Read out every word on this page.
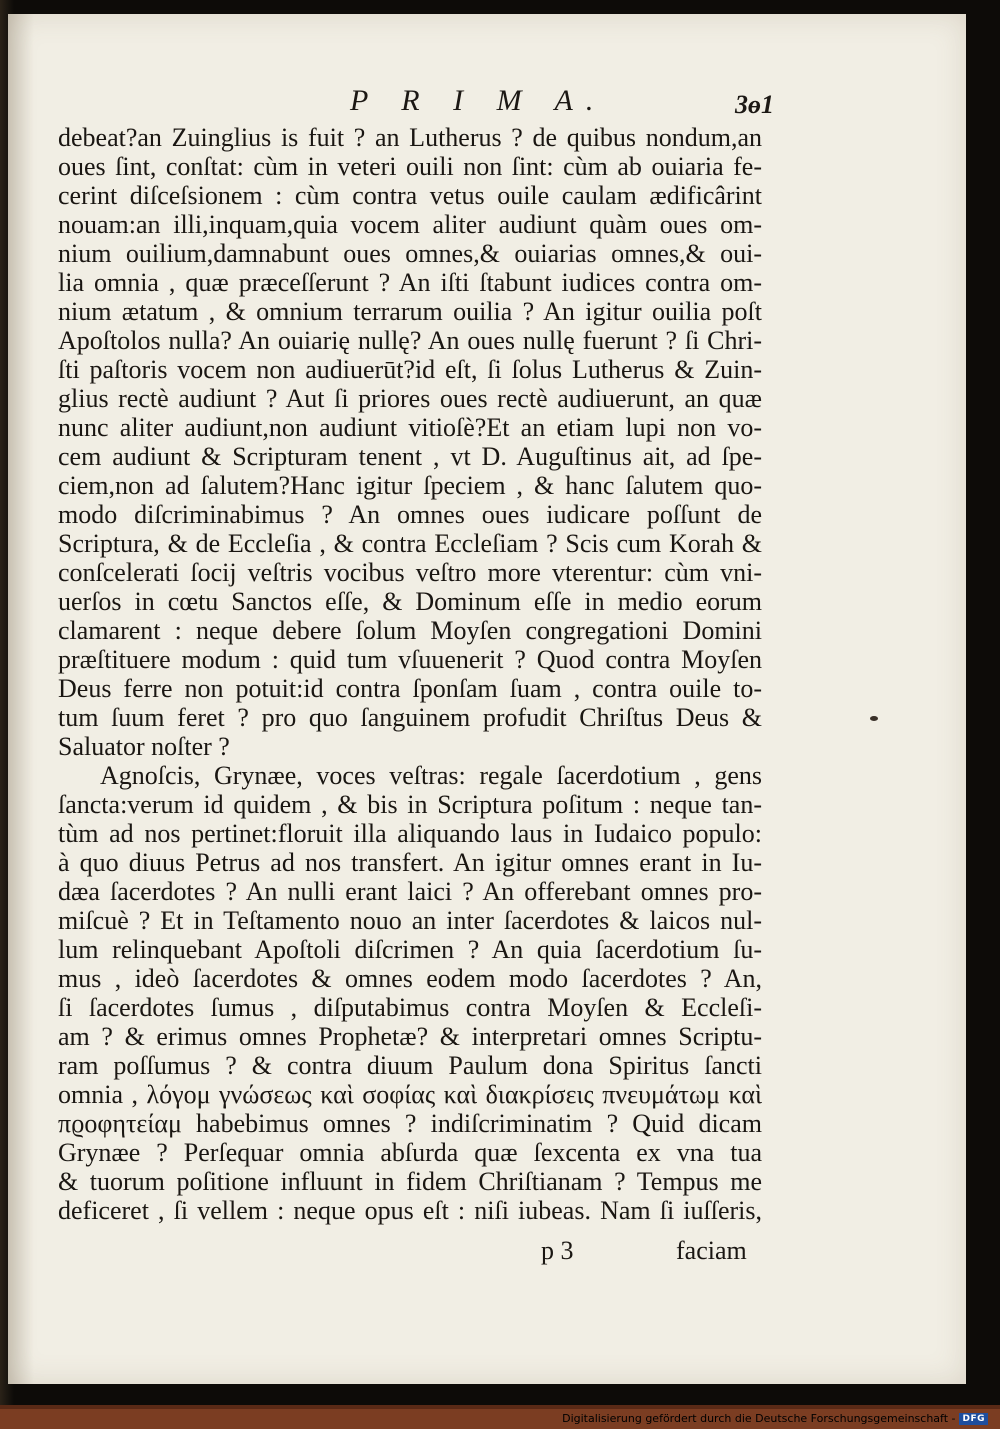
P R I M A.	3ɵ1
debeat?an Zuinglius is fuit ? an Lutherus ? de quibus nondum,an
oues ſint, conſtat: cùm in veteri ouili non ſint: cùm ab ouiaria fe-
cerint diſceſsionem : cùm contra vetus ouile caulam ædificârint
nouam:an illi,inquam,quia vocem aliter audiunt quàm oues om-
nium ouilium,damnabunt oues omnes,& ouiarias omnes,& oui-
lia omnia , quæ præceſſerunt ? An iſti ſtabunt iudices contra om-
nium ætatum , & omnium terrarum ouilia ? An igitur ouilia poſt
Apoſtolos nulla? An ouiarię nullę? An oues nullę fuerunt ? ſi Chri-
ſti paſtoris vocem non audiuerūt?id eſt, ſi ſolus Lutherus & Zuin-
glius rectè audiunt ? Aut ſi priores oues rectè audiuerunt, an quæ
nunc aliter audiunt,non audiunt vitioſè?Et an etiam lupi non vo-
cem audiunt & Scripturam tenent , vt D. Auguſtinus ait, ad ſpe-
ciem,non ad ſalutem?Hanc igitur ſpeciem , & hanc ſalutem quo-
modo diſcriminabimus ? An omnes oues iudicare poſſunt de
Scriptura, & de Eccleſia , & contra Eccleſiam ? Scis cum Korah &
conſcelerati ſocij veſtris vocibus veſtro more vterentur: cùm vni-
uerſos in cœtu Sanctos eſſe, & Dominum eſſe in medio eorum
clamarent : neque debere ſolum Moyſen congregationi Domini
præſtituere modum : quid tum vſuuenerit ? Quod contra Moyſen
Deus ferre non potuit:id contra ſponſam ſuam , contra ouile to-
tum ſuum feret ? pro quo ſanguinem profudit Chriſtus Deus &
Saluator noſter ?
Agnoſcis, Grynæe, voces veſtras: regale ſacerdotium , gens
ſancta:verum id quidem , & bis in Scriptura poſitum : neque tan-
tùm ad nos pertinet:floruit illa aliquando laus in Iudaico populo:
à quo diuus Petrus ad nos transfert. An igitur omnes erant in Iu-
dæa ſacerdotes ? An nulli erant laici ? An offerebant omnes pro-
miſcuè ? Et in Teſtamento nouo an inter ſacerdotes & laicos nul-
lum relinquebant Apoſtoli diſcrimen ? An quia ſacerdotium ſu-
mus , ideò ſacerdotes & omnes eodem modo ſacerdotes ? An,
ſi ſacerdotes ſumus , diſputabimus contra Moyſen & Eccleſi-
am ? & erimus omnes Prophetæ? & interpretari omnes Scriptu-
ram poſſumus ? & contra diuum Paulum dona Spiritus ſancti
omnia , λόγομ γνώσεως καὶ σοφίας καὶ διακρίσεις πνευμάτωμ καὶ
πϱοφητείαμ habebimus omnes ? indiſcriminatim ? Quid dicam
Grynæe ? Perſequar omnia abſurda quæ ſexcenta ex vna tua
& tuorum poſitione influunt in fidem Chriſtianam ? Tempus me
deficeret , ſi vellem : neque opus eſt : niſi iubeas. Nam ſi iuſſeris,
p 3	faciam
Digitalisierung gefördert durch die Deutsche Forschungsgemeinschaft - DFG
